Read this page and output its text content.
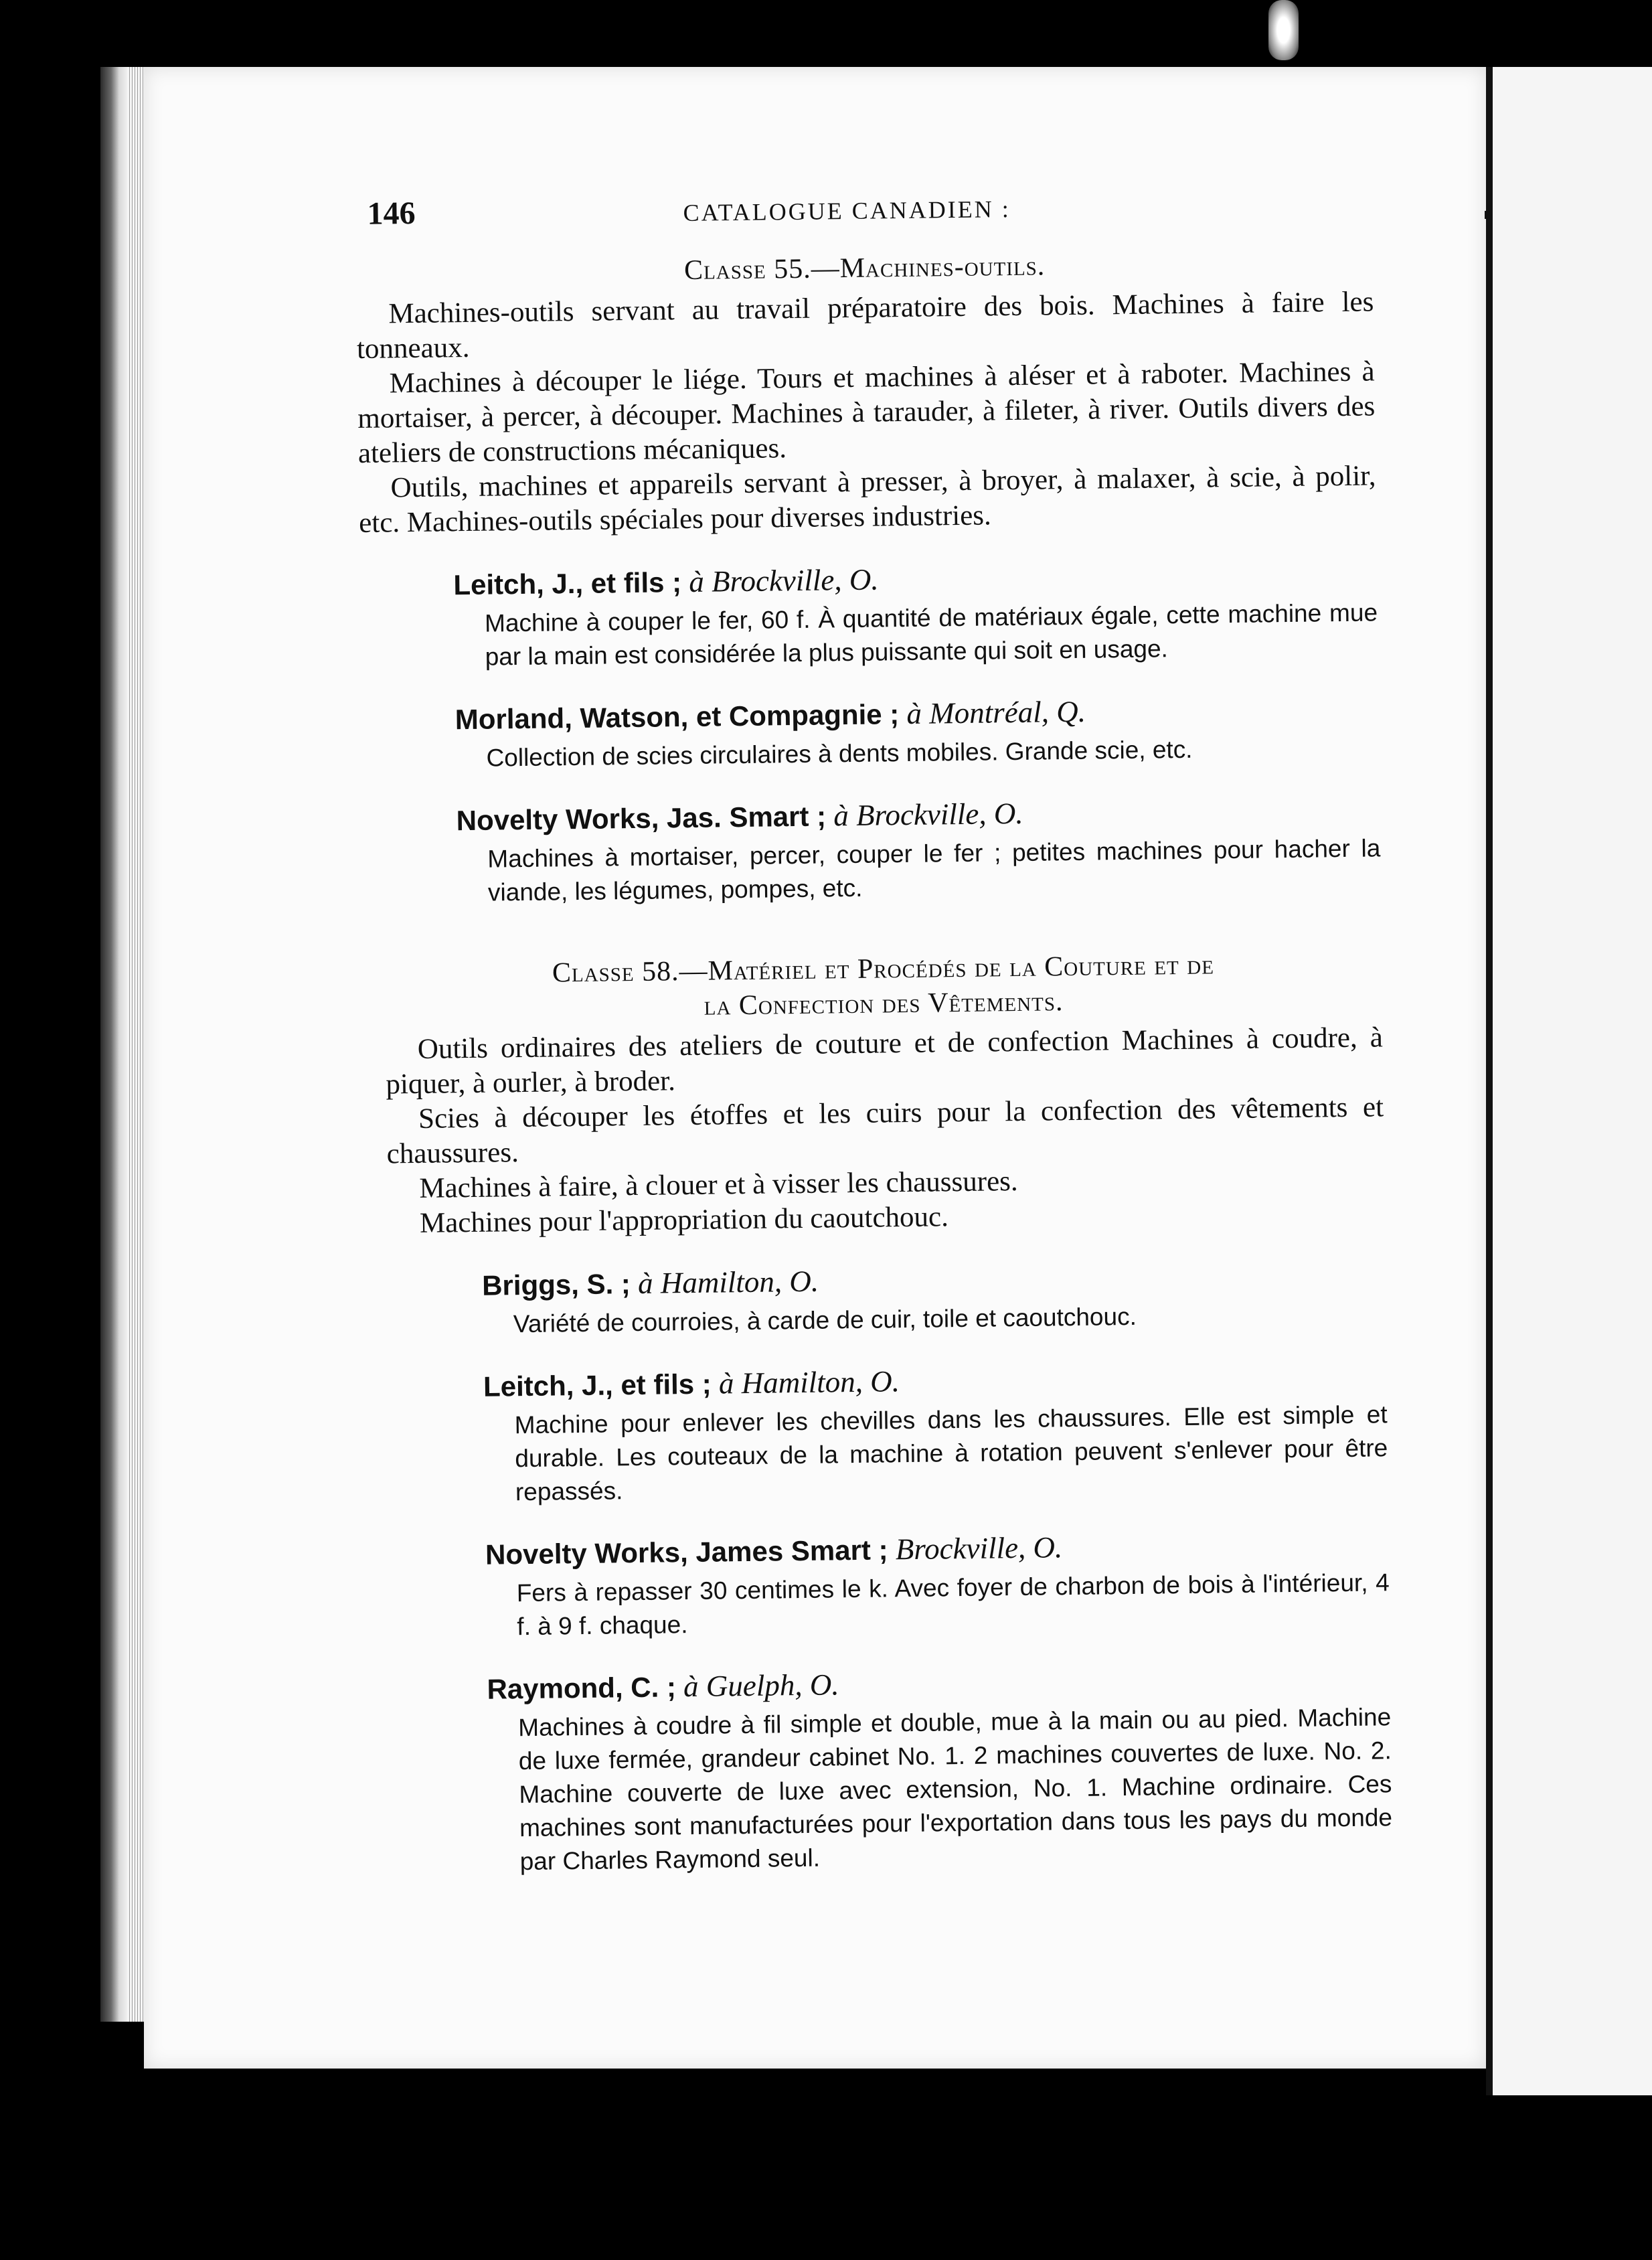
146	CATALOGUE CANADIEN :
Classe 55.—Machines-outils.

Machines-outils servant au travail préparatoire des bois. Machines à faire les tonneaux.

Machines à découper le liége. Tours et machines à aléser et à raboter. Machines à mortaiser, à percer, à découper. Machines à tarauder, à fileter, à river. Outils divers des ateliers de constructions mécaniques.

Outils, machines et appareils servant à presser, à broyer, à malaxer, à scie, à polir, etc. Machines-outils spéciales pour diverses industries.

Leitch, J., et fils ; à Brockville, O.
Machine à couper le fer, 60 f. À quantité de matériaux égale, cette machine mue par la main est considérée la plus puissante qui soit en usage.
Morland, Watson, et Compagnie ; à Montréal, Q.
Collection de scies circulaires à dents mobiles. Grande scie, etc.
Novelty Works, Jas. Smart ; à Brockville, O.
Machines à mortaiser, percer, couper le fer ; petites machines pour hacher la viande, les légumes, pompes, etc.
Classe 58.—Matériel et Procédés de la Couture et de
la Confection des Vêtements.

Outils ordinaires des ateliers de couture et de confection Machines à coudre, à piquer, à ourler, à broder.

Scies à découper les étoffes et les cuirs pour la confection des vêtements et chaussures.

Machines à faire, à clouer et à visser les chaussures.

Machines pour l'appropriation du caoutchouc.

Briggs, S. ; à Hamilton, O.
Variété de courroies, à carde de cuir, toile et caoutchouc.
Leitch, J., et fils ; à Hamilton, O.
Machine pour enlever les chevilles dans les chaussures. Elle est simple et durable. Les couteaux de la machine à rotation peuvent s'enlever pour être repassés.
Novelty Works, James Smart ; Brockville, O.
Fers à repasser 30 centimes le k. Avec foyer de charbon de bois à l'intérieur, 4 f. à 9 f. chaque.
Raymond, C. ; à Guelph, O.
Machines à coudre à fil simple et double, mue à la main ou au pied. Machine de luxe fermée, grandeur cabinet No. 1. 2 machines couvertes de luxe. No. 2. Machine couverte de luxe avec extension, No. 1. Machine ordinaire. Ces machines sont manufacturées pour l'exportation dans tous les pays du monde par Charles Raymond seul.
